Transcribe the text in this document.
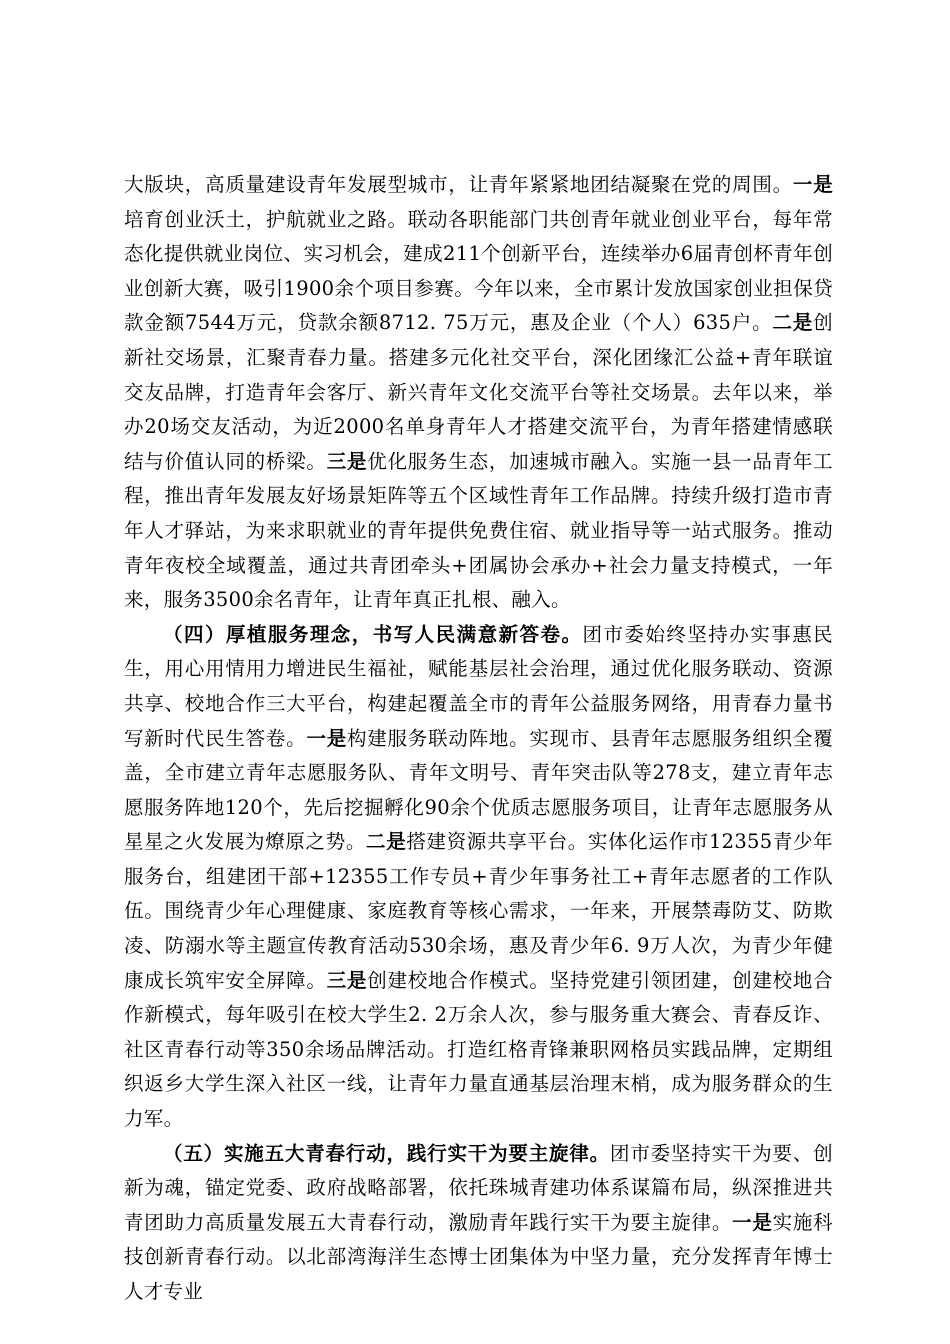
大版块，高质量建设青年发展型城市，让青年紧紧地团结凝聚在党的周围。一是培育创业沃土，护航就业之路。联动各职能部门共创青年就业创业平台，每年常态化提供就业岗位、实习机会，建成211个创新平台，连续举办6届青创杯青年创业创新大赛，吸引1900余个项目参赛。今年以来，全市累计发放国家创业担保贷款金额7544万元，贷款余额8712. 75万元，惠及企业（个人）635户。二是创新社交场景，汇聚青春力量。搭建多元化社交平台，深化团缘汇公益+青年联谊交友品牌，打造青年会客厅、新兴青年文化交流平台等社交场景。去年以来，举办20场交友活动，为近2000名单身青年人才搭建交流平台，为青年搭建情感联结与价值认同的桥梁。三是优化服务生态，加速城市融入。实施一县一品青年工程，推出青年发展友好场景矩阵等五个区域性青年工作品牌。持续升级打造市青年人才驿站，为来求职就业的青年提供免费住宿、就业指导等一站式服务。推动青年夜校全域覆盖，通过共青团牵头+团属协会承办+社会力量支持模式，一年来，服务3500余名青年，让青年真正扎根、融入。

（四）厚植服务理念，书写人民满意新答卷。团市委始终坚持办实事惠民生，用心用情用力增进民生福祉，赋能基层社会治理，通过优化服务联动、资源共享、校地合作三大平台，构建起覆盖全市的青年公益服务网络，用青春力量书写新时代民生答卷。一是构建服务联动阵地。实现市、县青年志愿服务组织全覆盖，全市建立青年志愿服务队、青年文明号、青年突击队等278支，建立青年志愿服务阵地120个，先后挖掘孵化90余个优质志愿服务项目，让青年志愿服务从星星之火发展为燎原之势。二是搭建资源共享平台。实体化运作市12355青少年服务台，组建团干部+12355工作专员+青少年事务社工+青年志愿者的工作队伍。围绕青少年心理健康、家庭教育等核心需求，一年来，开展禁毒防艾、防欺凌、防溺水等主题宣传教育活动530余场，惠及青少年6. 9万人次，为青少年健康成长筑牢安全屏障。三是创建校地合作模式。坚持党建引领团建，创建校地合作新模式，每年吸引在校大学生2. 2万余人次，参与服务重大赛会、青春反诈、社区青春行动等350余场品牌活动。打造红格青锋兼职网格员实践品牌，定期组织返乡大学生深入社区一线，让青年力量直通基层治理末梢，成为服务群众的生力军。

（五）实施五大青春行动，践行实干为要主旋律。团市委坚持实干为要、创新为魂，锚定党委、政府战略部署，依托珠城青建功体系谋篇布局，纵深推进共青团助力高质量发展五大青春行动，激励青年践行实干为要主旋律。一是实施科技创新青春行动。以北部湾海洋生态博士团集体为中坚力量，充分发挥青年博士人才专业
